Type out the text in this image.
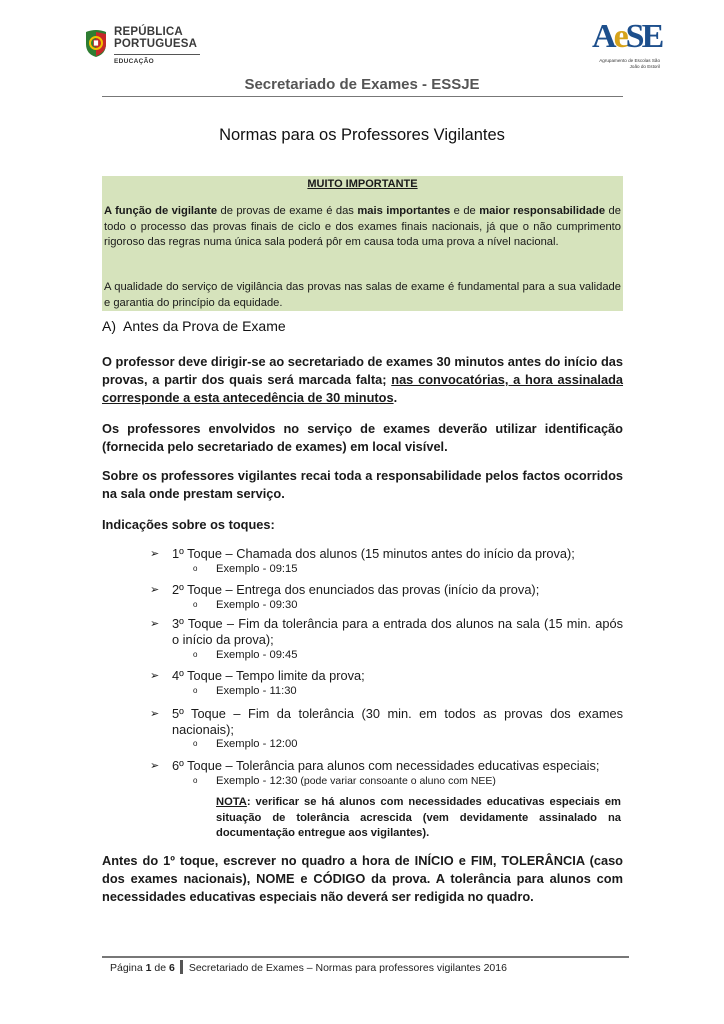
REPÚBLICA
PORTUGUESA
EDUCAÇÃO
AeSE
Agrupamento de Escolas São João do Estoril
Secretariado de Exames - ESSJE
Normas para os Professores Vigilantes
MUITO IMPORTANTE

A função de vigilante de provas de exame é das mais importantes e de maior responsabilidade de todo o processo das provas finais de ciclo e dos exames finais nacionais, já que o não cumprimento rigoroso das regras numa única sala poderá pôr em causa toda uma prova a nível nacional.

A qualidade do serviço de vigilância das provas nas salas de exame é fundamental para a sua validade e garantia do princípio da equidade.

A)  Antes da Prova de Exame

O professor deve dirigir-se ao secretariado de exames 30 minutos antes do início das provas, a partir dos quais será marcada falta; nas convocatórias, a hora assinalada corresponde a esta antecedência de 30 minutos.

Os professores envolvidos no serviço de exames deverão utilizar identificação (fornecida pelo secretariado de exames) em local visível.

Sobre os professores vigilantes recai toda a responsabilidade pelos factos ocorridos na sala onde prestam serviço.

Indicações sobre os toques:

➢ 1º Toque – Chamada dos alunos (15 minutos antes do início da prova);
o Exemplo - 09:15
➢ 2º Toque – Entrega dos enunciados das provas (início da prova);
o Exemplo - 09:30
➢ 3º Toque – Fim da tolerância para a entrada dos alunos na sala (15 min. após o início da prova);
o Exemplo - 09:45
➢ 4º Toque – Tempo limite da prova;
o Exemplo - 11:30
➢ 5º Toque – Fim da tolerância (30 min. em todos as provas dos exames nacionais);
o Exemplo - 12:00
➢ 6º Toque – Tolerância para alunos com necessidades educativas especiais;
o Exemplo - 12:30 (pode variar consoante o aluno com NEE)

NOTA: verificar se há alunos com necessidades educativas especiais em situação de tolerância acrescida (vem devidamente assinalado na documentação entregue aos vigilantes).

Antes do 1º toque, escrever no quadro a hora de INÍCIO e FIM, TOLERÂNCIA (caso dos exames nacionais), NOME e CÓDIGO da prova. A tolerância para alunos com necessidades educativas especiais não deverá ser redigida no quadro.

Página 1 de 6 Secretariado de Exames – Normas para professores vigilantes 2016
